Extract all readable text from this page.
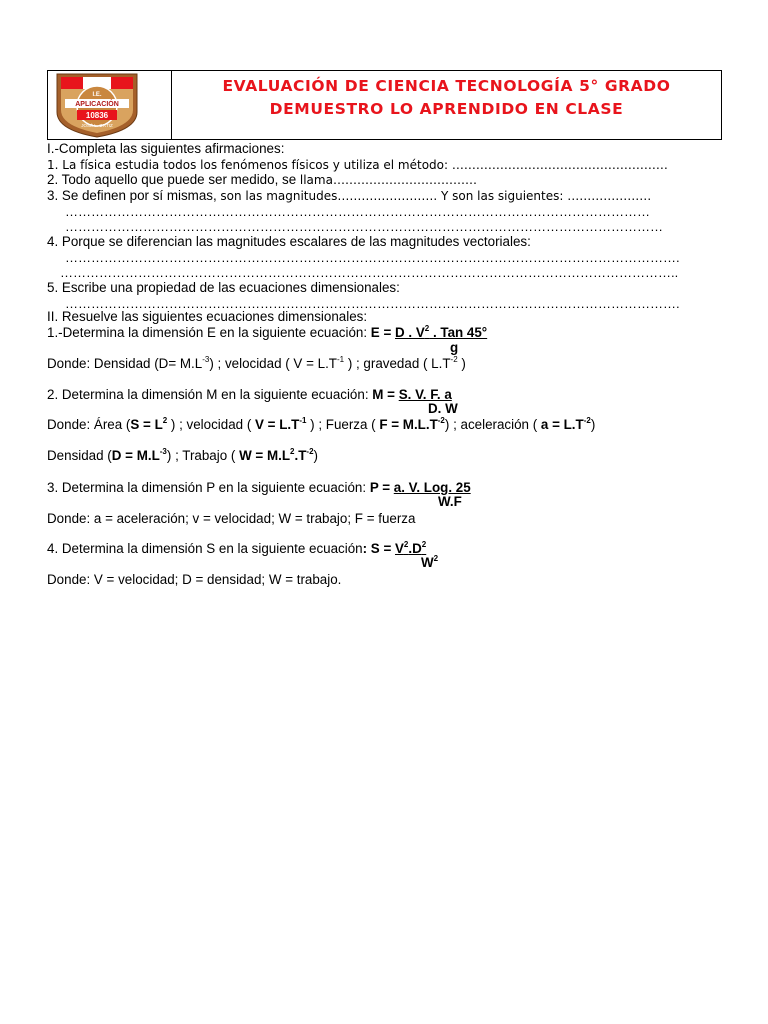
I.E.
APLICACIÓN
10836
JOSÉ L. ORTIZ
EVALUACIÓN DE CIENCIA TECNOLOGÍA 5° GRADO
DEMUESTRO LO APRENDIDO EN CLASE
I.-Completa las siguientes afirmaciones:
1. La física estudia todos los fenómenos físicos y utiliza el método: ………………………………………………
2. Todo aquello que puede ser medido, se llama………………………………
3. Se definen por sí mismas, son las magnitudes……………………. Y son las siguientes: …………………
………………………………………………………………………………………………………………………
…………………………………………………………………………………………………………………………
4. Porque se diferencian las magnitudes escalares de las magnitudes vectoriales:
…………………………………………………………………………………………………………………………….
……………………………………………………………………………………………………………………………..
5. Escribe una propiedad de las ecuaciones dimensionales:
…………………………………………………………………………………………………………………………….
II. Resuelve las siguientes ecuaciones dimensionales:
1.-Determina la dimensión E en la siguiente ecuación: E = D . $V^2$ . Tan 45°
g
Donde: Densidad $(D= M.L^{-3})$ ; velocidad ( $V = L.T^{-1}$ ) ; gravedad ( $L.T^{-2}$ )
2. Determina la dimensión M en la siguiente ecuación: M = S. V. F. a
D. W
Donde: Área ($S = L^2$ ) ; velocidad ( $V = L.T^{-1}$ ) ; Fuerza ( $F = M.L.T^{-2}$) ; aceleración ( $a = L.T^{-2}$)
Densidad $(D = M.L^{-3})$ ; Trabajo ( $W = M.L^2.T^{-2}$)
3. Determina la dimensión P en la siguiente ecuación: P = a. V. Log. 25
W.F
Donde: a = aceleración; v = velocidad; W = trabajo; F = fuerza
4. Determina la dimensión S en la siguiente ecuación: $S = V^2.D^2$
$W^2$
Donde: V = velocidad; D = densidad; W = trabajo.
